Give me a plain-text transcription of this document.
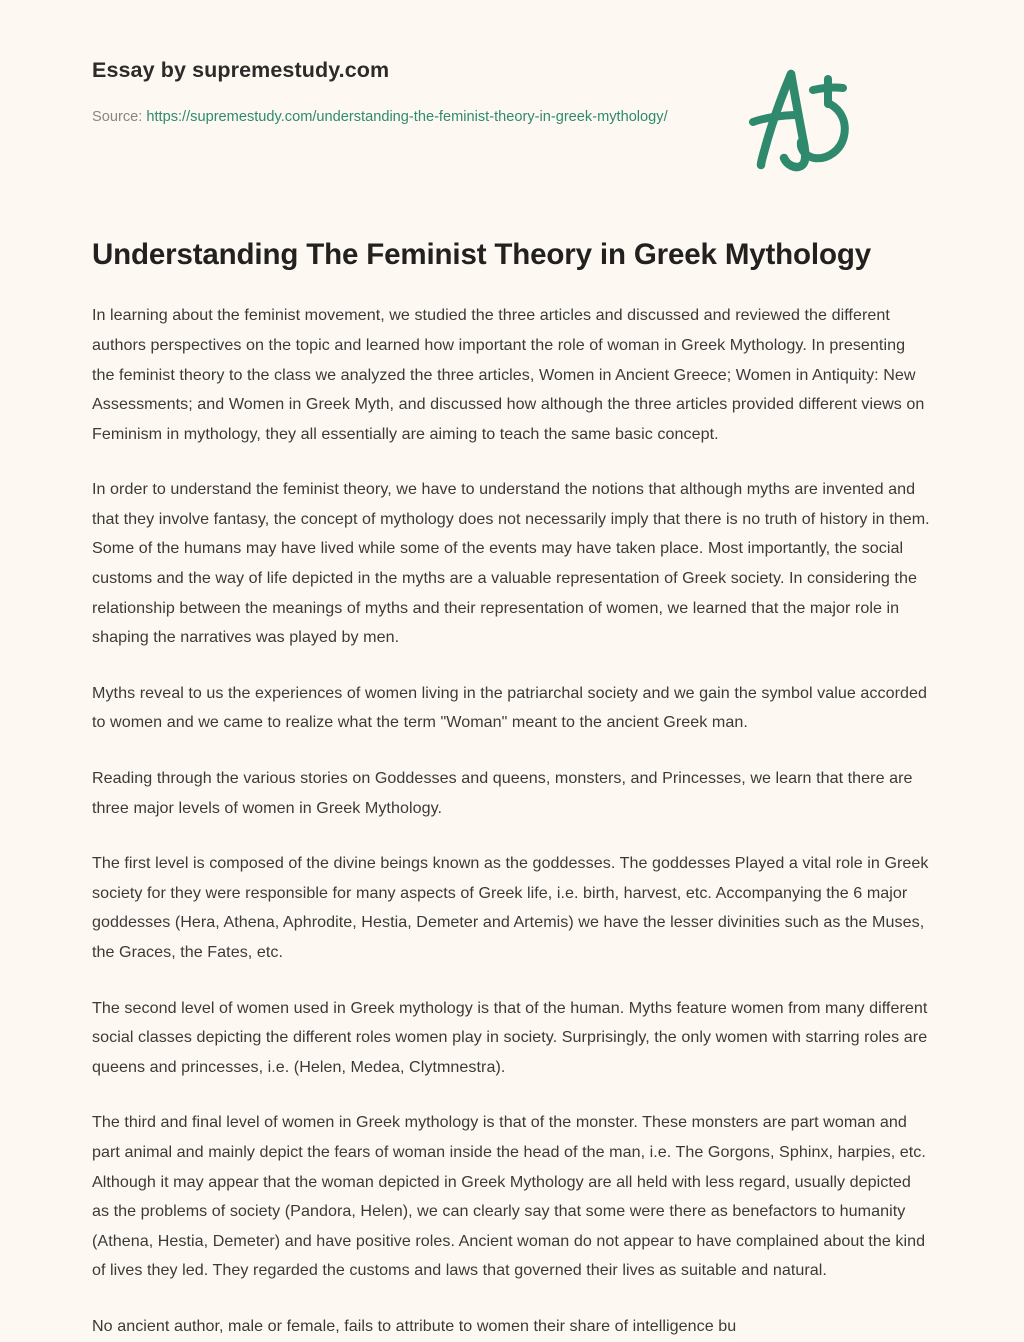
Essay by supremestudy.com
Source: https://supremestudy.com/understanding-the-feminist-theory-in-greek-mythology/
Understanding The Feminist Theory in Greek Mythology

In learning about the feminist movement, we studied the three articles and discussed and reviewed the different authors perspectives on the topic and learned how important the role of woman in Greek Mythology. In presenting the feminist theory to the class we analyzed the three articles, Women in Ancient Greece; Women in Antiquity: New Assessments; and Women in Greek Myth, and discussed how although the three articles provided different views on Feminism in mythology, they all essentially are aiming to teach the same basic concept.

In order to understand the feminist theory, we have to understand the notions that although myths are invented and that they involve fantasy, the concept of mythology does not necessarily imply that there is no truth of history in them. Some of the humans may have lived while some of the events may have taken place. Most importantly, the social customs and the way of life depicted in the myths are a valuable representation of Greek society. In considering the relationship between the meanings of myths and their representation of women, we learned that the major role in shaping the narratives was played by men.

Myths reveal to us the experiences of women living in the patriarchal society and we gain the symbol value accorded to women and we came to realize what the term "Woman" meant to the ancient Greek man.

Reading through the various stories on Goddesses and queens, monsters, and Princesses, we learn that there are three major levels of women in Greek Mythology.

The first level is composed of the divine beings known as the goddesses. The goddesses Played a vital role in Greek society for they were responsible for many aspects of Greek life, i.e. birth, harvest, etc. Accompanying the 6 major goddesses (Hera, Athena, Aphrodite, Hestia, Demeter and Artemis) we have the lesser divinities such as the Muses, the Graces, the Fates, etc.

The second level of women used in Greek mythology is that of the human. Myths feature women from many different social classes depicting the different roles women play in society. Surprisingly, the only women with starring roles are queens and princesses, i.e. (Helen, Medea, Clytmnestra).

The third and final level of women in Greek mythology is that of the monster. These monsters are part woman and part animal and mainly depict the fears of woman inside the head of the man, i.e. The Gorgons, Sphinx, harpies, etc. Although it may appear that the woman depicted in Greek Mythology are all held with less regard, usually depicted as the problems of society (Pandora, Helen), we can clearly say that some were there as benefactors to humanity (Athena, Hestia, Demeter) and have positive roles. Ancient woman do not appear to have complained about the kind of lives they led. They regarded the customs and laws that governed their lives as suitable and natural.

No ancient author, male or female, fails to attribute to women their share of intelligence bu
